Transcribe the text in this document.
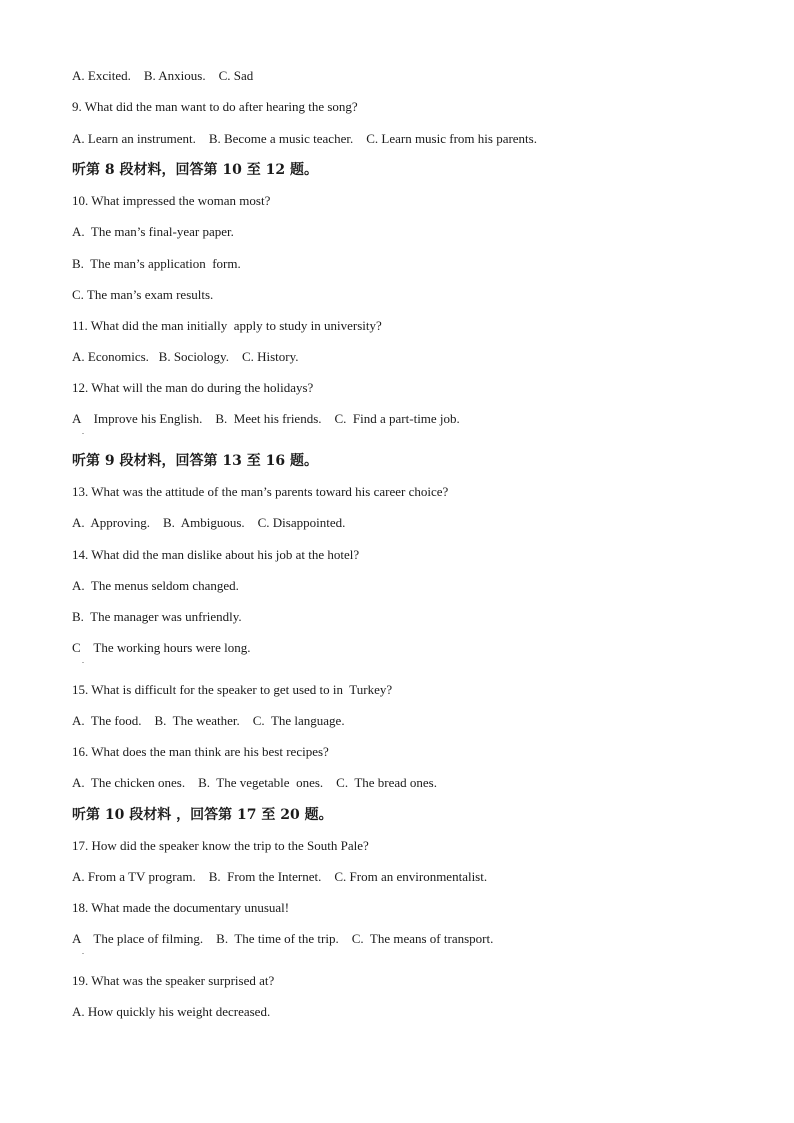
A. Excited.    B. Anxious.    C. Sad
9. What did the man want to do after hearing the song?
A. Learn an instrument.    B. Become a music teacher.    C. Learn music from his parents.
听第 8 段材料，回答第 10 至 12 题。
10. What impressed the woman most?
A.  The man’s final-year paper.
B.  The man’s application  form.
C. The man’s exam results.
11. What did the man initially  apply to study in university?
A. Economics.   B. Sociology.    C. History.
12. What will the man do during the holidays?
A    Improve his English.    B.  Meet his friends.    C.  Find a part-time job.
.
听第 9 段材料，回答第 13 至 16 题。
13. What was the attitude of the man’s parents toward his career choice?
A.  Approving.    B.  Ambiguous.    C. Disappointed.
14. What did the man dislike about his job at the hotel?
A.  The menus seldom changed.
B.  The manager was unfriendly.
C    The working hours were long.
.
15. What is difficult for the speaker to get used to in  Turkey?
A.  The food.    B.  The weather.    C.  The language.
16. What does the man think are his best recipes?
A.  The chicken ones.    B.  The vegetable  ones.    C.  The bread ones.
听第 10 段材料 ，回答第 17 至 20 题。
17. How did the speaker know the trip to the South Pale?
A. From a TV program.    B.  From the Internet.    C. From an environmentalist.
18. What made the documentary unusual!
A    The place of filming.    B.  The time of the trip.    C.  The means of transport.
.
19. What was the speaker surprised at?
A. How quickly his weight decreased.
